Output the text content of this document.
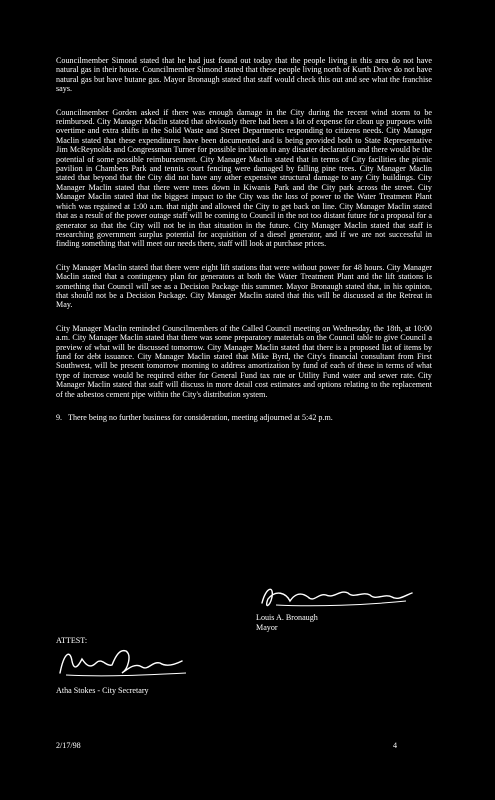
Councilmember Simond stated that he had just found out today that the people living in this area do not have natural gas in their house. Councilmember Simond stated that these people living north of Kurth Drive do not have natural gas but have butane gas. Mayor Bronaugh stated that staff would check this out and see what the franchise says.

Councilmember Gorden asked if there was enough damage in the City during the recent wind storm to be reimbursed. City Manager Maclin stated that obviously there had been a lot of expense for clean up purposes with overtime and extra shifts in the Solid Waste and Street Departments responding to citizens needs. City Manager Maclin stated that these expenditures have been documented and is being provided both to State Representative Jim McReynolds and Congressman Turner for possible inclusion in any disaster declaration and there would be the potential of some possible reimbursement. City Manager Maclin stated that in terms of City facilities the picnic pavilion in Chambers Park and tennis court fencing were damaged by falling pine trees. City Manager Maclin stated that beyond that the City did not have any other expensive structural damage to any City buildings. City Manager Maclin stated that there were trees down in Kiwanis Park and the City park across the street. City Manager Maclin stated that the biggest impact to the City was the loss of power to the Water Treatment Plant which was regained at 1:00 a.m. that night and allowed the City to get back on line. City Manager Maclin stated that as a result of the power outage staff will be coming to Council in the not too distant future for a proposal for a generator so that the City will not be in that situation in the future. City Manager Maclin stated that staff is researching government surplus potential for acquisition of a diesel generator, and if we are not successful in finding something that will meet our needs there, staff will look at purchase prices.

City Manager Maclin stated that there were eight lift stations that were without power for 48 hours. City Manager Maclin stated that a contingency plan for generators at both the Water Treatment Plant and the lift stations is something that Council will see as a Decision Package this summer. Mayor Bronaugh stated that, in his opinion, that should not be a Decision Package. City Manager Maclin stated that this will be discussed at the Retreat in May.

City Manager Maclin reminded Councilmembers of the Called Council meeting on Wednesday, the 18th, at 10:00 a.m. City Manager Maclin stated that there was some preparatory materials on the Council table to give Council a preview of what will be discussed tomorrow. City Manager Maclin stated that there is a proposed list of items by fund for debt issuance. City Manager Maclin stated that Mike Byrd, the City's financial consultant from First Southwest, will be present tomorrow morning to address amortization by fund of each of these in terms of what type of increase would be required either for General Fund tax rate or Utility Fund water and sewer rate. City Manager Maclin stated that staff will discuss in more detail cost estimates and options relating to the replacement of the asbestos cement pipe within the City's distribution system.

9. There being no further business for consideration, meeting adjourned at 5:42 p.m.
Louis A. Bronaugh
Mayor
ATTEST:
Atha Stokes - City Secretary
2/17/98	4
